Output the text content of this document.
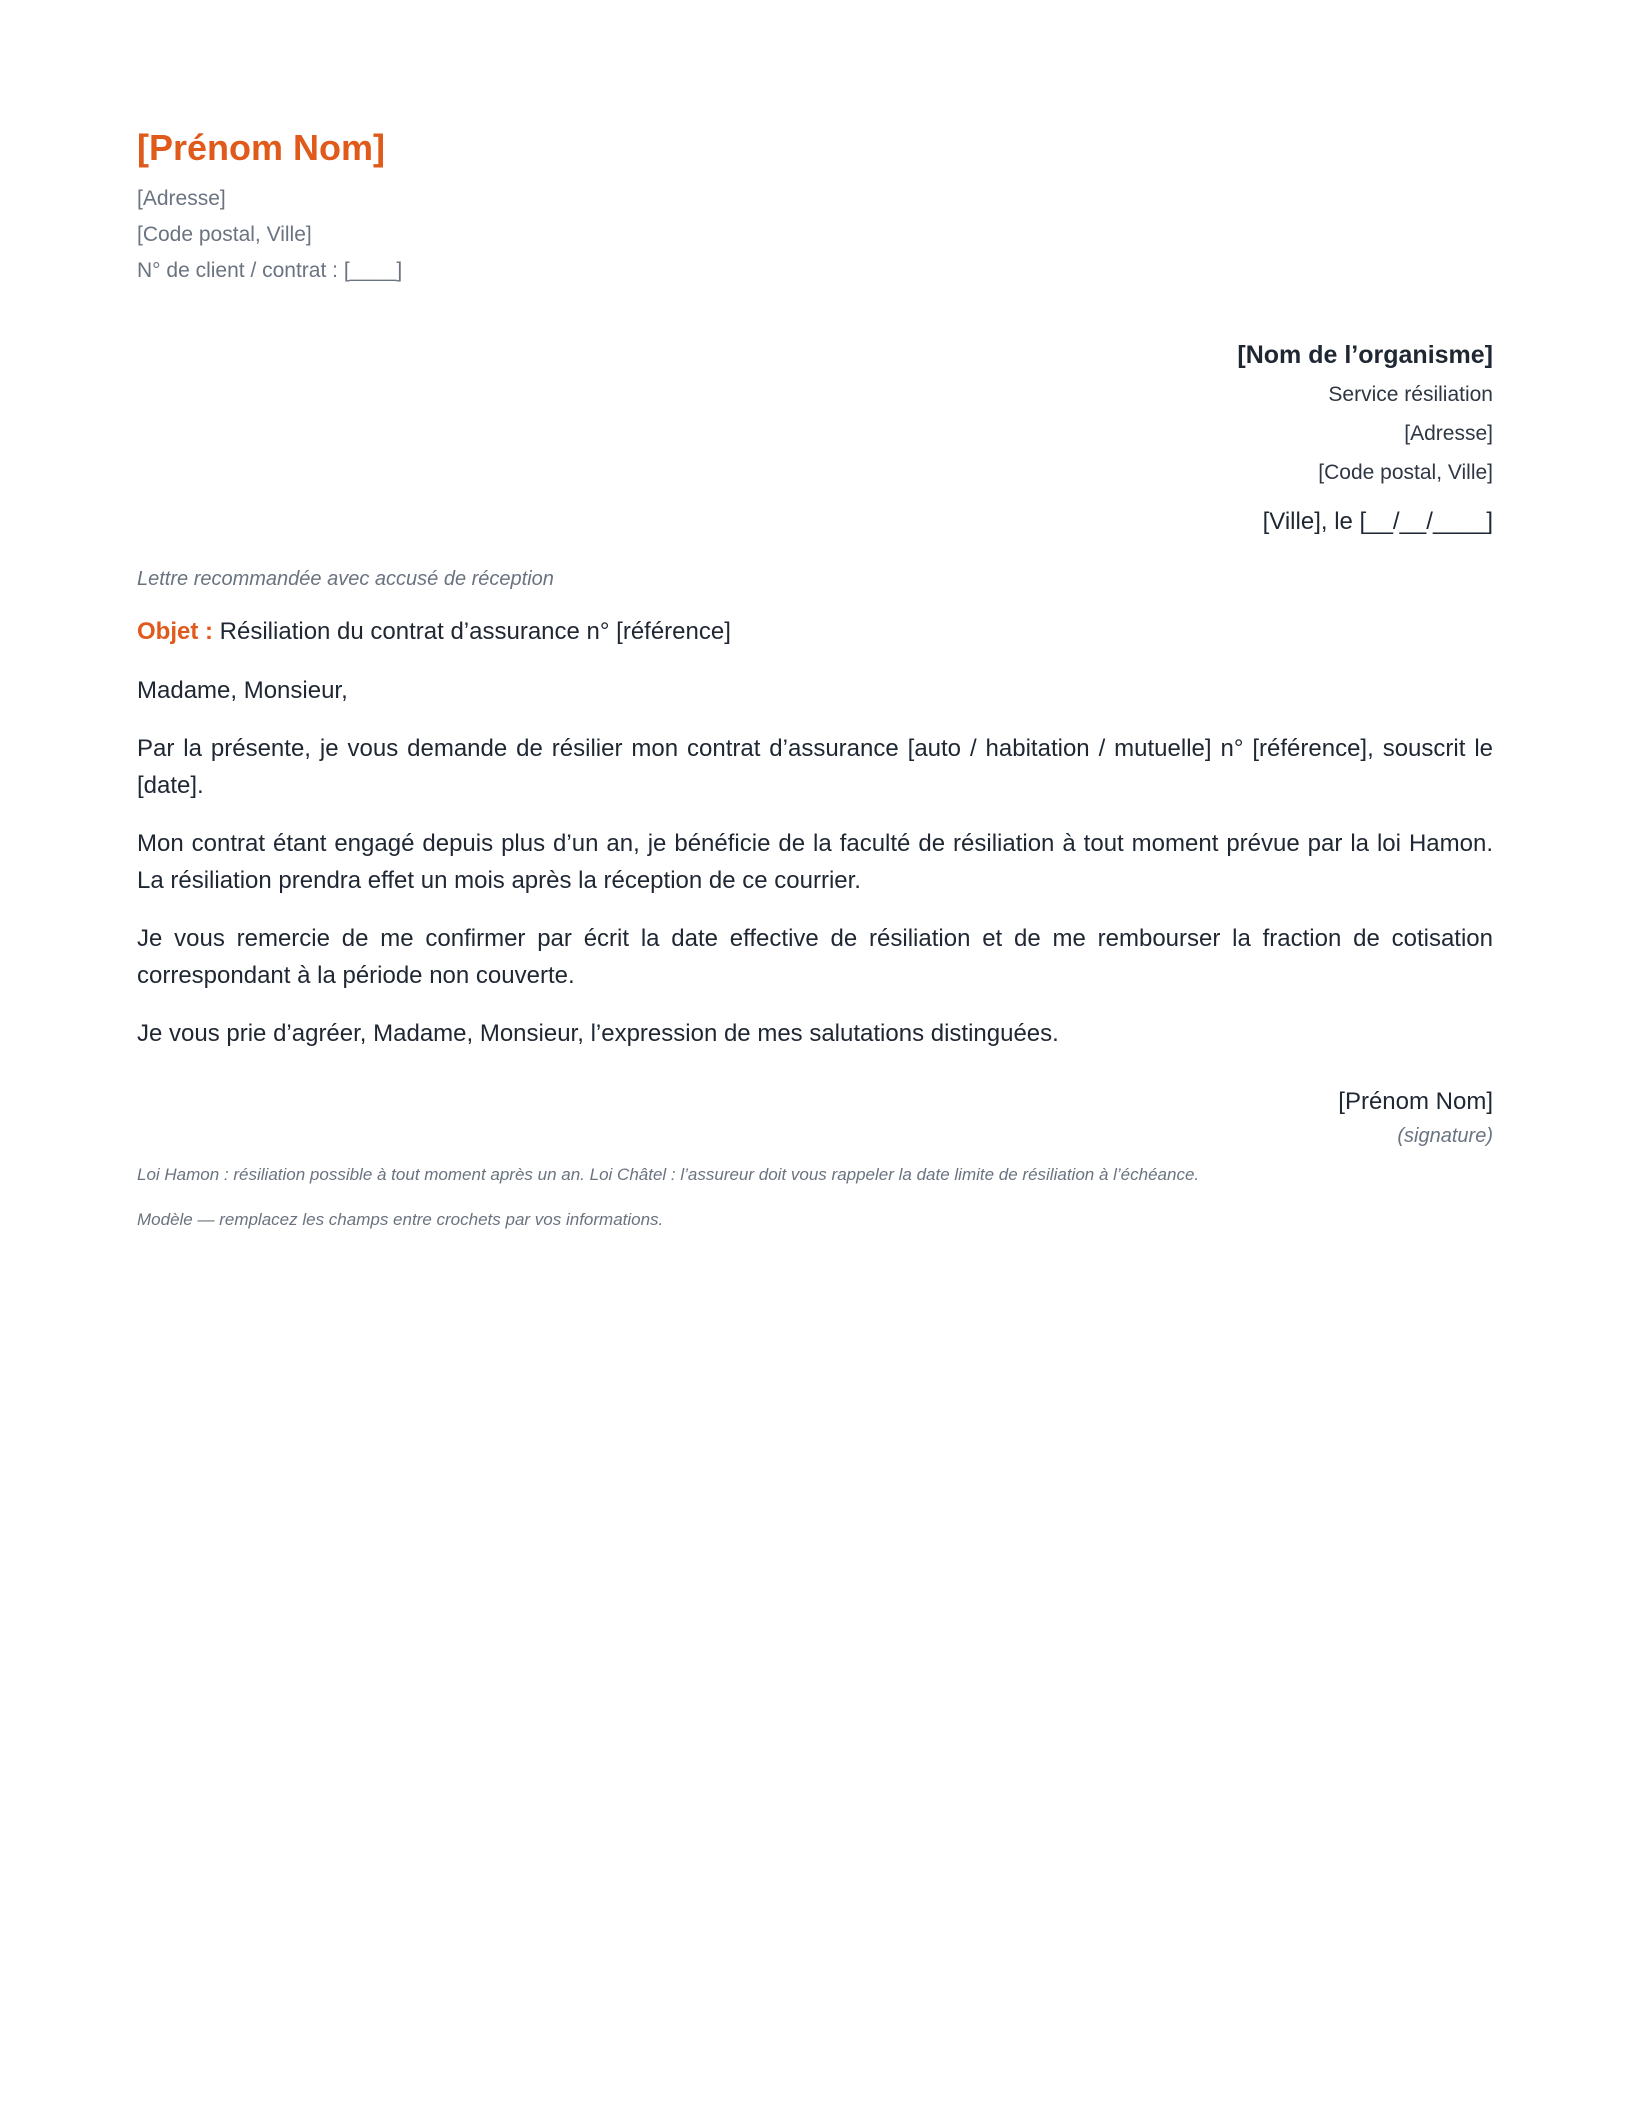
[Prénom Nom]
[Adresse]
[Code postal, Ville]
N° de client / contrat : [____]
[Nom de l’organisme]
Service résiliation
[Adresse]
[Code postal, Ville]
[Ville], le [__/__/____]
Lettre recommandée avec accusé de réception
Objet : Résiliation du contrat d’assurance n° [référence]
Madame, Monsieur,
Par la présente, je vous demande de résilier mon contrat d’assurance [auto / habitation / mutuelle] n° [référence], souscrit le [date].
Mon contrat étant engagé depuis plus d’un an, je bénéficie de la faculté de résiliation à tout moment prévue par la loi Hamon. La résiliation prendra effet un mois après la réception de ce courrier.
Je vous remercie de me confirmer par écrit la date effective de résiliation et de me rembourser la fraction de cotisation correspondant à la période non couverte.
Je vous prie d’agréer, Madame, Monsieur, l’expression de mes salutations distinguées.
[Prénom Nom]
(signature)
Loi Hamon : résiliation possible à tout moment après un an. Loi Châtel : l’assureur doit vous rappeler la date limite de résiliation à l’échéance.
Modèle — remplacez les champs entre crochets par vos informations.
